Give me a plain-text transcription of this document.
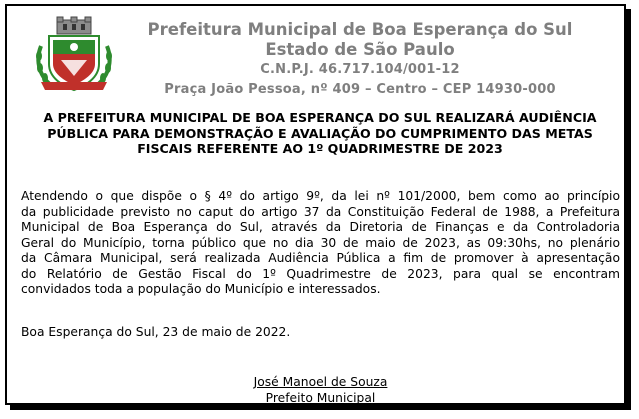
Prefeitura Municipal de Boa Esperança do Sul
Estado de São Paulo
C.N.P.J. 46.717.104/001-12
Praça João Pessoa, nº 409 – Centro – CEP 14930-000
A PREFEITURA MUNICIPAL DE BOA ESPERANÇA DO SUL REALIZARÁ AUDIÊNCIA
PÚBLICA PARA DEMONSTRAÇÃO E AVALIAÇÃO DO CUMPRIMENTO DAS METAS
FISCAIS REFERENTE AO 1º QUADRIMESTRE DE 2023
Atendendo o que dispõe o § 4º do artigo 9º, da lei nº 101/2000, bem como ao princípio
da publicidade previsto no caput do artigo 37 da Constituição Federal de 1988, a Prefeitura
Municipal de Boa Esperança do Sul, através da Diretoria de Finanças e da Controladoria
Geral do Município, torna público que no dia 30 de maio de 2023, as 09:30hs, no plenário
da Câmara Municipal, será realizada Audiência Pública a fim de promover à apresentação
do Relatório de Gestão Fiscal do 1º Quadrimestre de 2023, para qual se encontram
convidados toda a população do Município e interessados.
Boa Esperança do Sul, 23 de maio de 2022.
José Manoel de Souza
Prefeito Municipal
